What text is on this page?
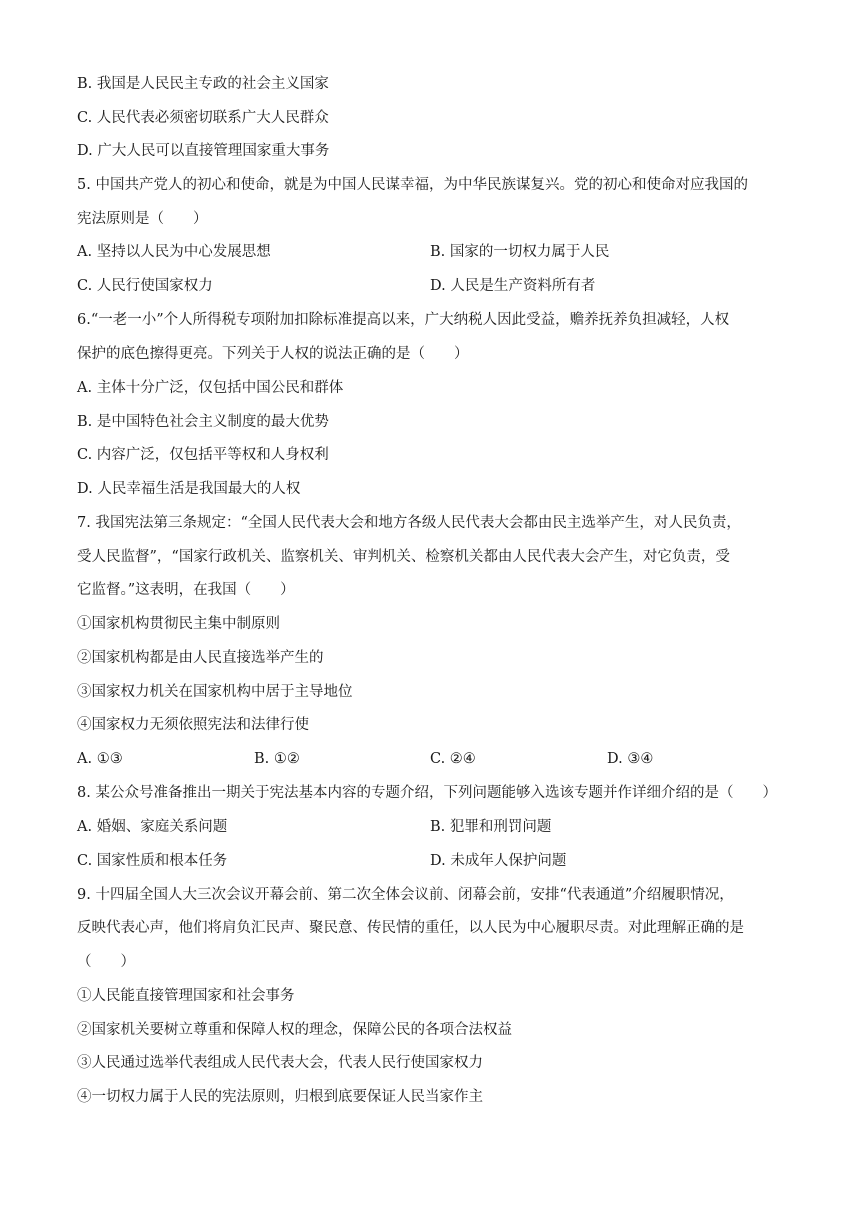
B. 我国是人民民主专政的社会主义国家
C. 人民代表必须密切联系广大人民群众
D. 广大人民可以直接管理国家重大事务
5. 中国共产党人的初心和使命，就是为中国人民谋幸福，为中华民族谋复兴。党的初心和使命对应我国的
宪法原则是（　　）
A. 坚持以人民为中心发展思想	B. 国家的一切权力属于人民
C. 人民行使国家权力	D. 人民是生产资料所有者
6.“一老一小”个人所得税专项附加扣除标准提高以来，广大纳税人因此受益，赡养抚养负担减轻，人权
保护的底色擦得更亮。下列关于人权的说法正确的是（　　）
A. 主体十分广泛，仅包括中国公民和群体
B. 是中国特色社会主义制度的最大优势
C. 内容广泛，仅包括平等权和人身权利
D. 人民幸福生活是我国最大的人权
7. 我国宪法第三条规定：“全国人民代表大会和地方各级人民代表大会都由民主选举产生，对人民负责，
受人民监督”，“国家行政机关、监察机关、审判机关、检察机关都由人民代表大会产生，对它负责，受
它监督。”这表明，在我国（　　）
①国家机构贯彻民主集中制原则
②国家机构都是由人民直接选举产生的
③国家权力机关在国家机构中居于主导地位
④国家权力无须依照宪法和法律行使
A. ①③	B. ①②	C. ②④	D. ③④
8. 某公众号准备推出一期关于宪法基本内容的专题介绍，下列问题能够入选该专题并作详细介绍的是（　　）
A. 婚姻、家庭关系问题	B. 犯罪和刑罚问题
C. 国家性质和根本任务	D. 未成年人保护问题
9. 十四届全国人大三次会议开幕会前、第二次全体会议前、闭幕会前，安排“代表通道”介绍履职情况，
反映代表心声，他们将肩负汇民声、聚民意、传民情的重任，以人民为中心履职尽责。对此理解正确的是
（　　）
①人民能直接管理国家和社会事务
②国家机关要树立尊重和保障人权的理念，保障公民的各项合法权益
③人民通过选举代表组成人民代表大会，代表人民行使国家权力
④一切权力属于人民的宪法原则，归根到底要保证人民当家作主
